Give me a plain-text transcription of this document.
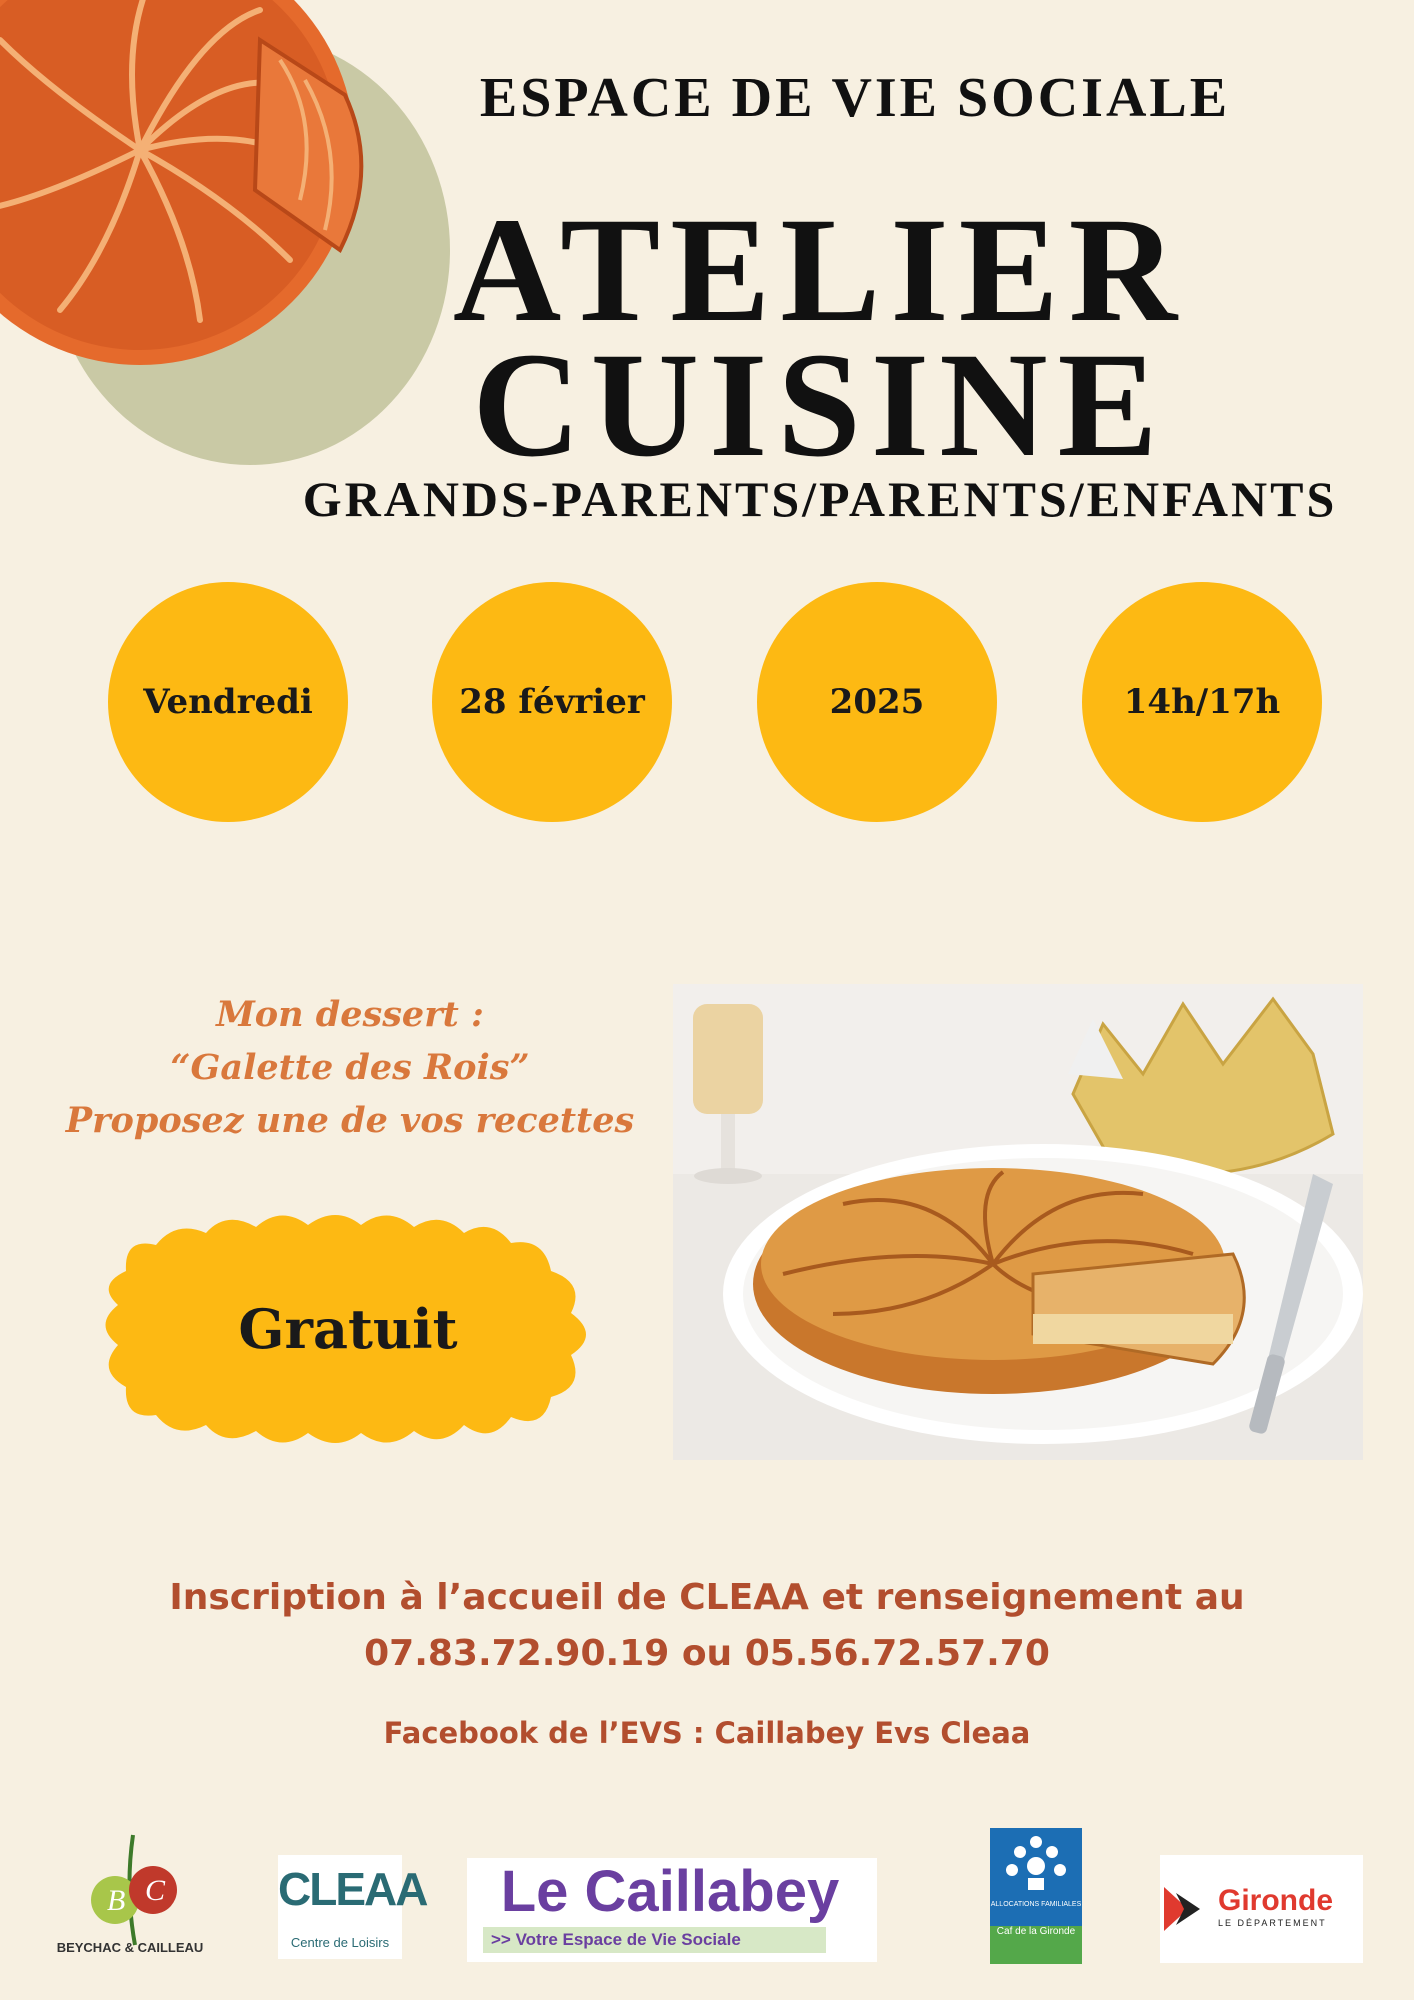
ESPACE DE VIE SOCIALE
ATELIER
CUISINE
GRANDS-PARENTS/PARENTS/ENFANTS
Vendredi	28 février	2025	14h/17h
Mon dessert :
“Galette des Rois”
Proposez une de vos recettes
Gratuit
Inscription à l’accueil de CLEAA et renseignement au
07.83.72.90.19 ou 05.56.72.57.70
Facebook de l’EVS : Caillabey Evs Cleaa
B C
BEYCHAC & CAILLEAU
CLEAA
Centre de Loisirs
Le Caillabey
>> Votre Espace de Vie Sociale
ALLOCATIONS FAMILIALES
Caf de la Gironde
Gironde
LE DÉPARTEMENT
